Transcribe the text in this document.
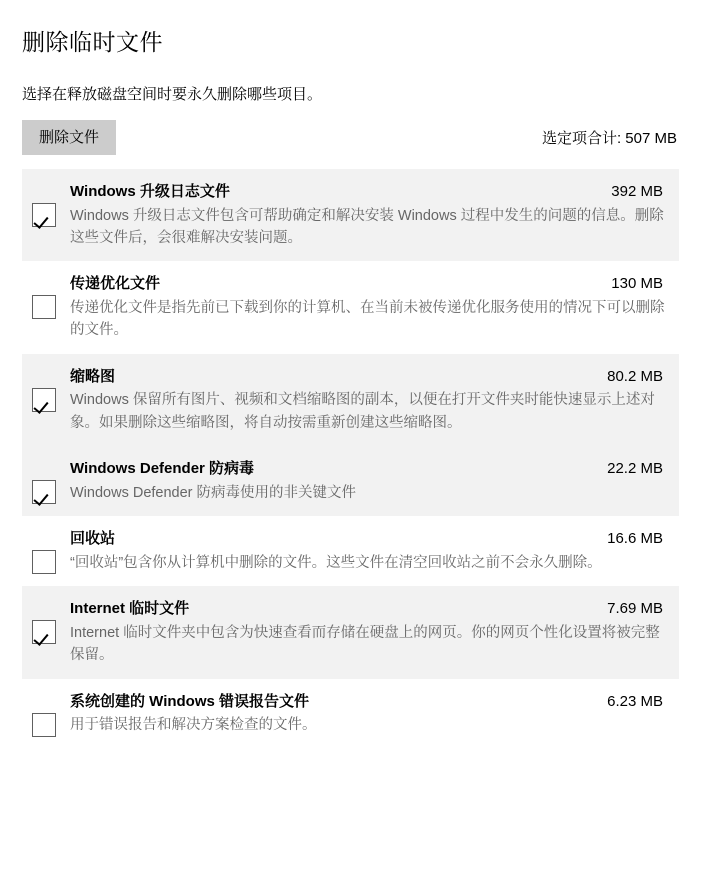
删除临时文件

选择在释放磁盘空间时要永久删除哪些项目。

删除文件	选定项合计: 507 MB
Windows 升级日志文件	392 MB
Windows 升级日志文件包含可帮助确定和解决安装 Windows 过程中发生的问题的信息。删除这些文件后，会很难解决安装问题。
传递优化文件	130 MB
传递优化文件是指先前已下载到你的计算机、在当前未被传递优化服务使用的情况下可以删除的文件。
缩略图	80.2 MB
Windows 保留所有图片、视频和文档缩略图的副本，以便在打开文件夹时能快速显示上述对象。如果删除这些缩略图，将自动按需重新创建这些缩略图。
Windows Defender 防病毒	22.2 MB
Windows Defender 防病毒使用的非关键文件
回收站	16.6 MB
“回收站”包含你从计算机中删除的文件。这些文件在清空回收站之前不会永久删除。
Internet 临时文件	7.69 MB
Internet 临时文件夹中包含为快速查看而存储在硬盘上的网页。你的网页个性化设置将被完整保留。
系统创建的 Windows 错误报告文件	6.23 MB
用于错误报告和解决方案检查的文件。
